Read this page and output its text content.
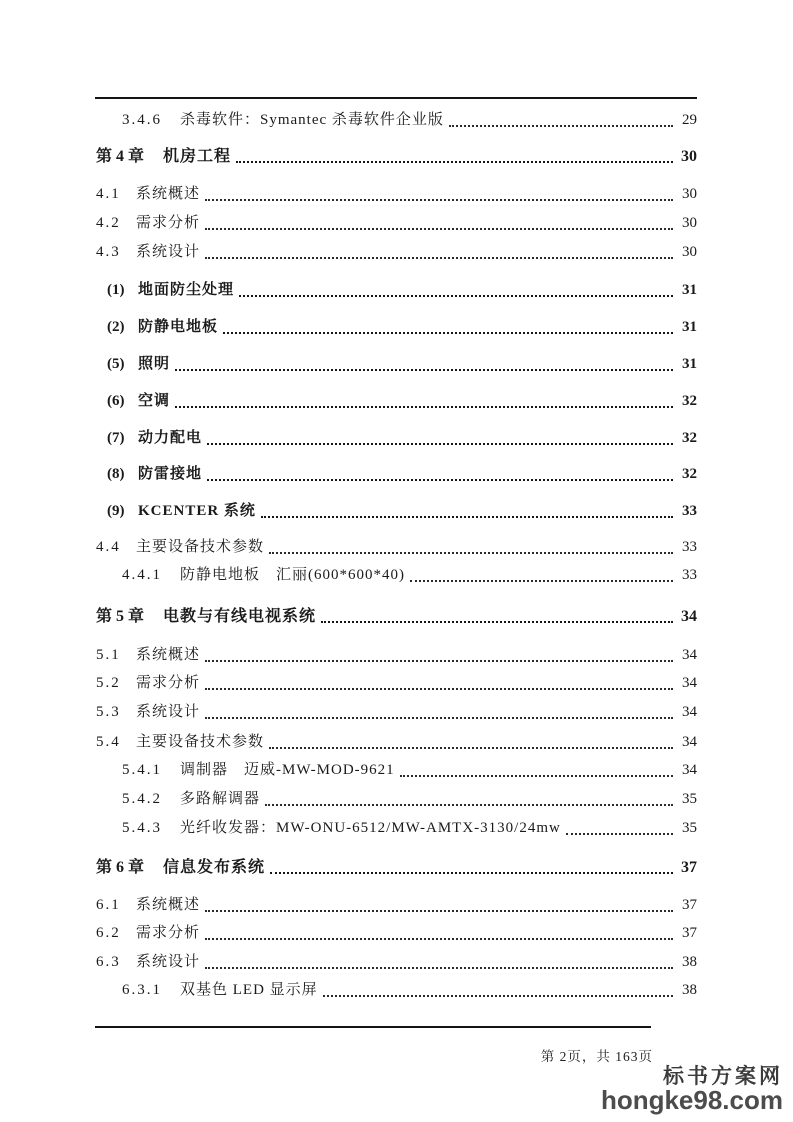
3.4.6	杀毒软件：Symantec 杀毒软件企业版	29
第4章 机房工程	30
4.1	系统概述	30
4.2	需求分析	30
4.3	系统设计	30
(1) 地面防尘处理	31
(2) 防静电地板	31
(5) 照明	31
(6) 空调	32
(7) 动力配电	32
(8) 防雷接地	32
(9) KCENTER 系统	33
4.4	主要设备技术参数	33
4.4.1	防静电地板　汇丽(600*600*40)	33
第5章 电教与有线电视系统	34
5.1	系统概述	34
5.2	需求分析	34
5.3	系统设计	34
5.4	主要设备技术参数	34
5.4.1	调制器　迈威-MW-MOD-9621	34
5.4.2	多路解调器	35
5.4.3	光纤收发器：MW-ONU-6512/MW-AMTX-3130/24mw	35
第6章 信息发布系统	37
6.1	系统概述	37
6.2	需求分析	37
6.3	系统设计	38
6.3.1	双基色 LED 显示屏	38
第 2页，共 163页
标书方案网
hongke98.com
